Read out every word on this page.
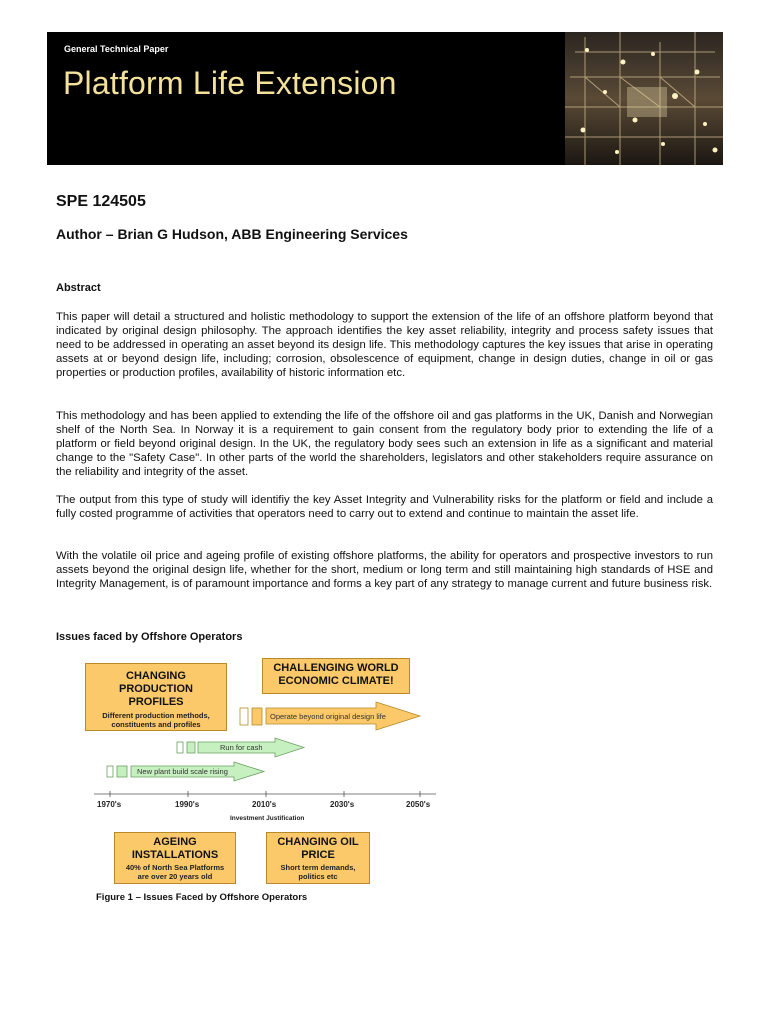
General Technical Paper
Platform Life Extension
SPE 124505
Author – Brian G Hudson, ABB Engineering Services
Abstract

This paper will detail a structured and holistic methodology to support the extension of the life of an offshore platform beyond that indicated by original design philosophy. The approach identifies the key asset reliability, integrity and process safety issues that need to be addressed in operating an asset beyond its design life. This methodology captures the key issues that arise in operating assets at or beyond design life, including; corrosion, obsolescence of equipment, change in design duties, change in oil or gas properties or production profiles, availability of historic information etc.

This methodology and has been applied to extending the life of the offshore oil and gas platforms in the UK, Danish and Norwegian shelf of the North Sea. In Norway it is a requirement to gain consent from the regulatory body prior to extending the life of a platform or field beyond original design. In the UK, the regulatory body sees such an extension in life as a significant and material change to the "Safety Case". In other parts of the world the shareholders, legislators and other stakeholders require assurance on the reliability and integrity of the asset.

The output from this type of study will identifiy the key Asset Integrity and Vulnerability risks for the platform or field and include a fully costed programme of activities that operators need to carry out to extend and continue to maintain the asset life.

With the volatile oil price and ageing profile of existing offshore platforms, the ability for operators and prospective investors to run assets beyond the original design life, whether for the short, medium or long term and still maintaining high standards of HSE and Integrity Management, is of paramount importance and forms a key part of any strategy to manage current and future business risk.

Issues faced by Offshore Operators
CHANGING PRODUCTION PROFILES
Different production methods, constituents and profiles
CHALLENGING WORLD ECONOMIC CLIMATE!
AGEING INSTALLATIONS
40% of North Sea Platforms are over 20 years old
CHANGING OIL PRICE
Short term demands, politics etc
Operate beyond original design life
Run for cash
New plant build scale rising
1970's	1990's	2010's	2030's	2050's
Investment Justification
Figure 1 – Issues Faced by Offshore Operators
